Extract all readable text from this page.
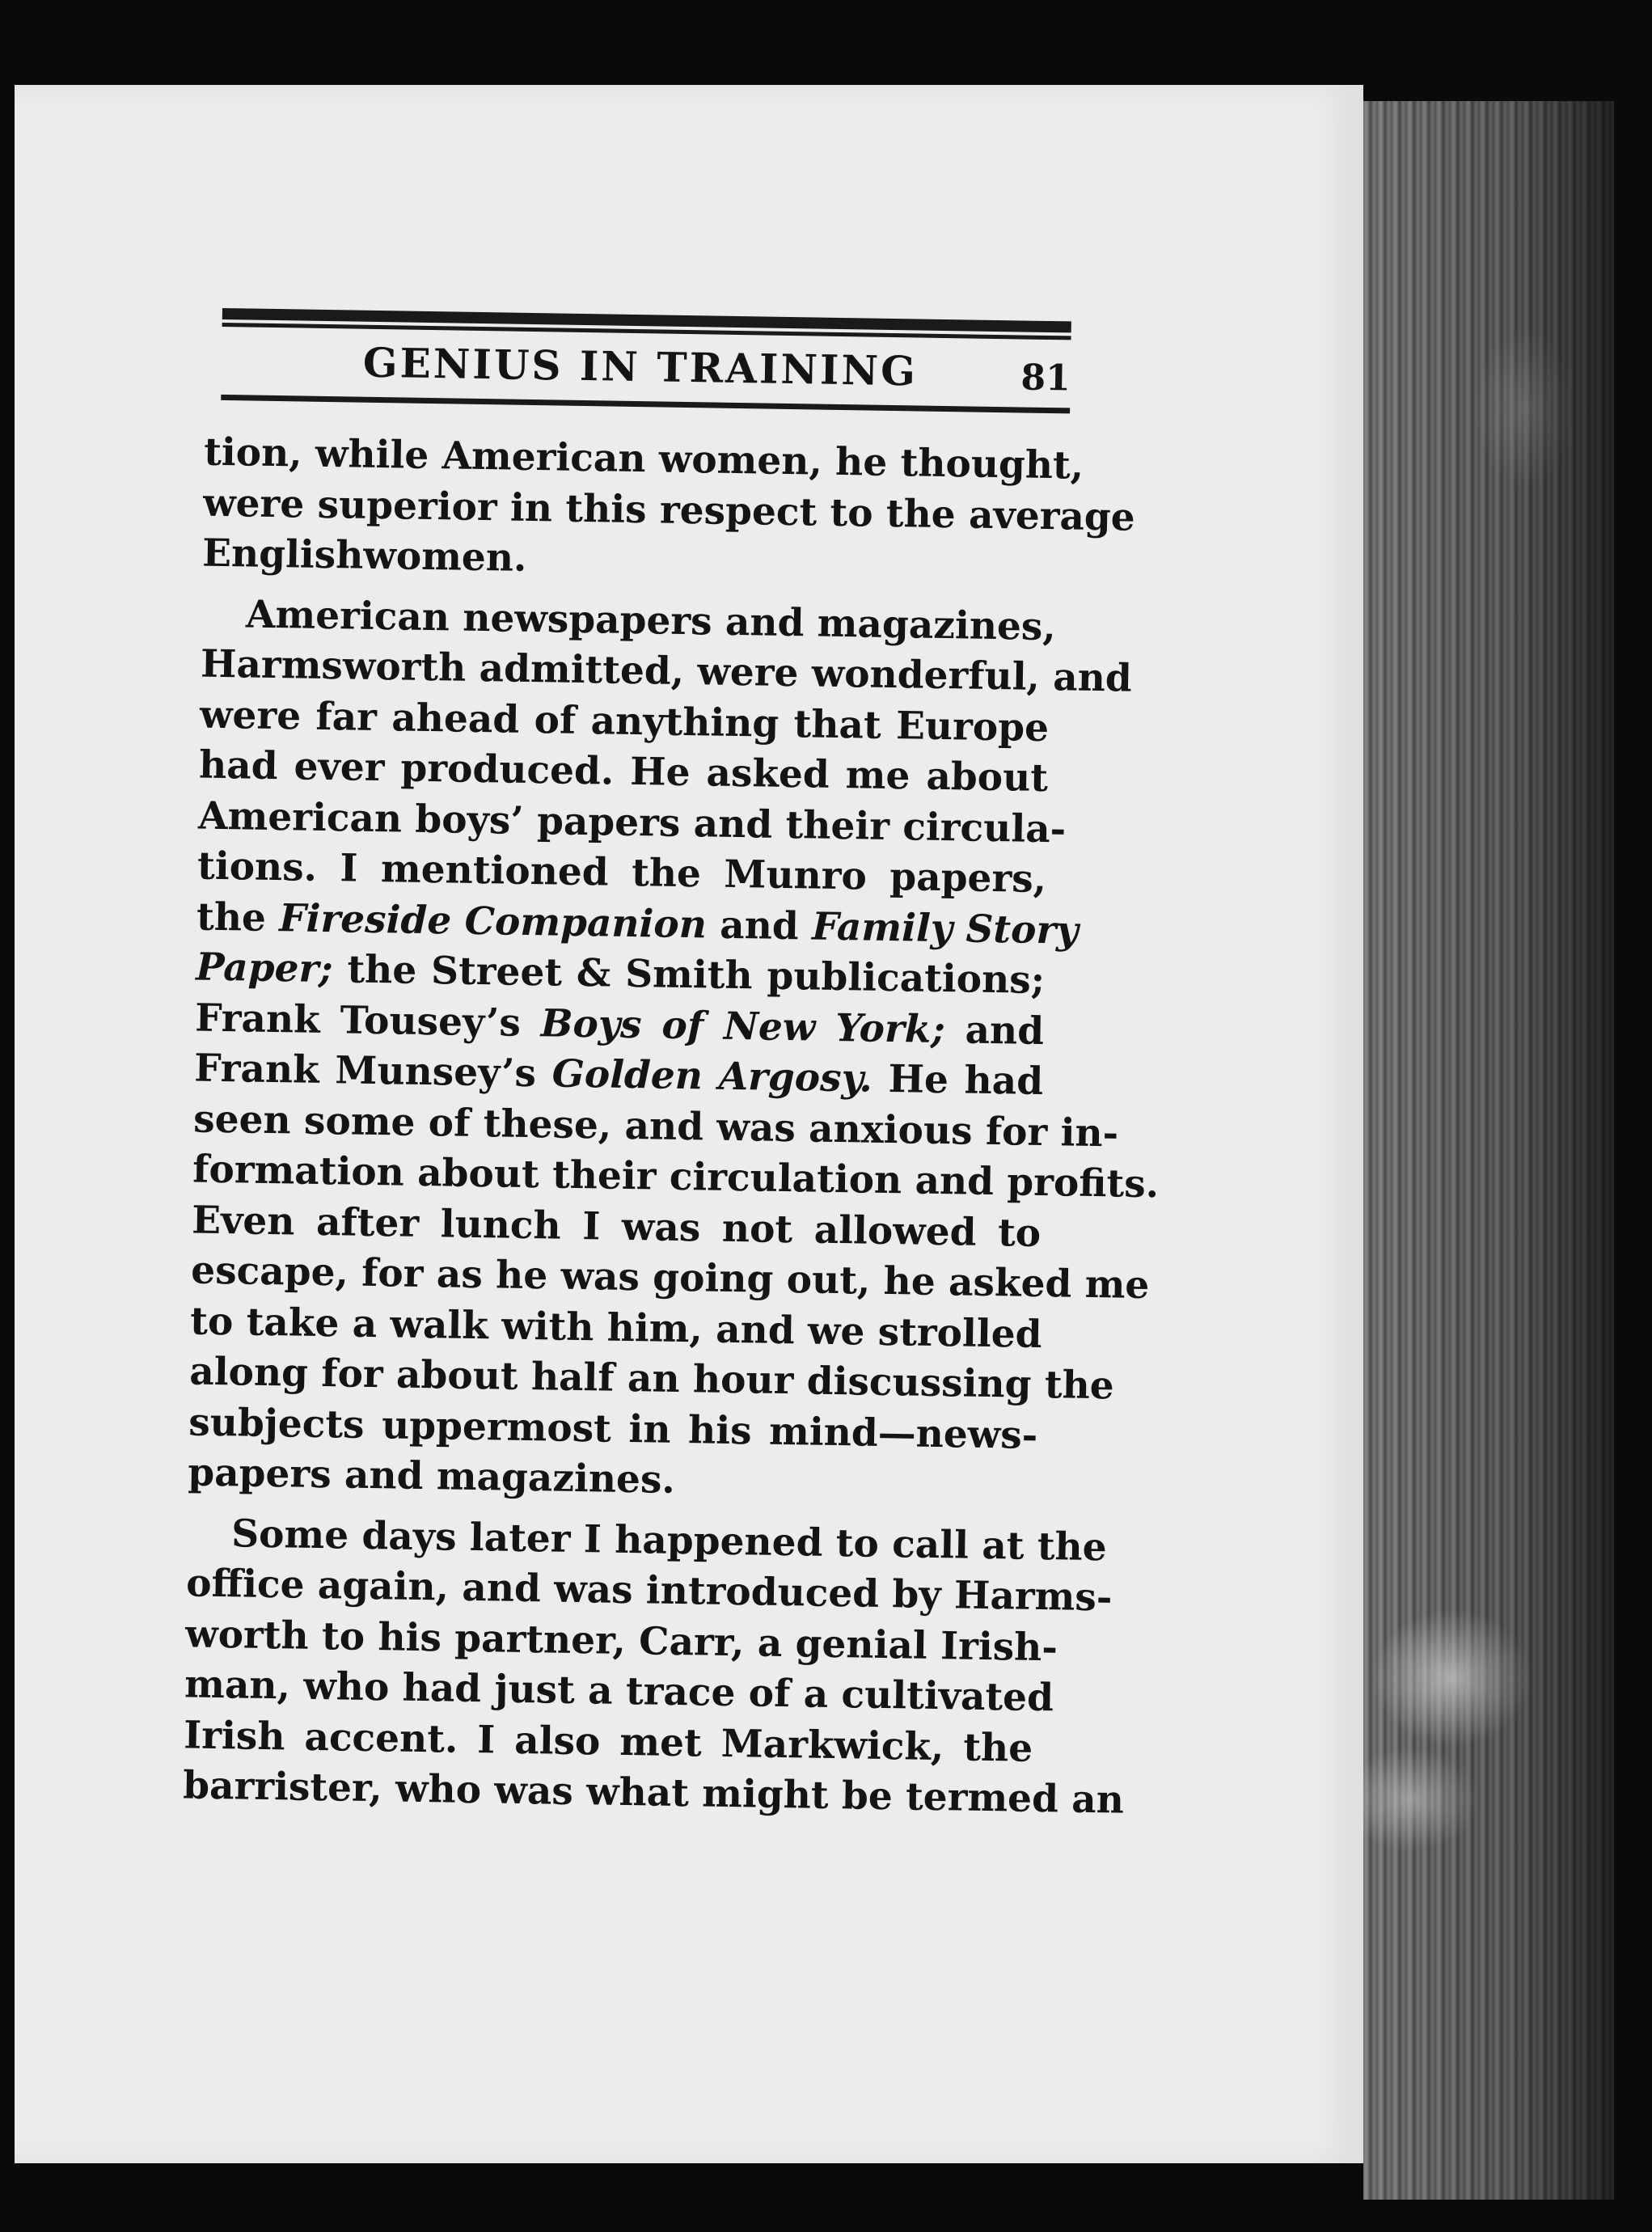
GENIUS IN TRAINING	81
tion, while American women, he thought,
were superior in this respect to the average
Englishwomen.
American newspapers and magazines,
Harmsworth admitted, were wonderful, and
were far ahead of anything that Europe
had ever produced. He asked me about
American boys’ papers and their circula-
tions. I mentioned the Munro papers,
the Fireside Companion and Family Story
Paper; the Street & Smith publications;
Frank Tousey’s Boys of New York; and
Frank Munsey’s Golden Argosy. He had
seen some of these, and was anxious for in-
formation about their circulation and profits.
Even after lunch I was not allowed to
escape, for as he was going out, he asked me
to take a walk with him, and we strolled
along for about half an hour discussing the
subjects uppermost in his mind—news-
papers and magazines.
Some days later I happened to call at the
office again, and was introduced by Harms-
worth to his partner, Carr, a genial Irish-
man, who had just a trace of a cultivated
Irish accent. I also met Markwick, the
barrister, who was what might be termed an
